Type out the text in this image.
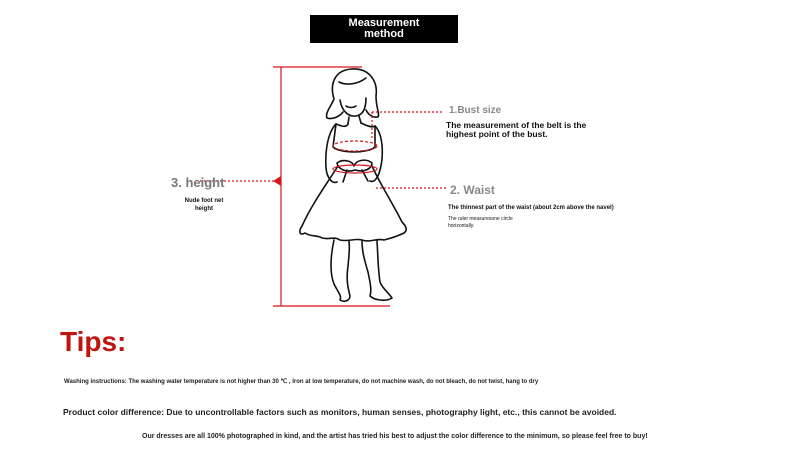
Measurement
method
1.Bust size
The measurement of the belt is the highest point of the bust.
2. Waist
The thinnest part of the waist (about 2cm above the navel)
The ruler measuresone circle horizontally.
3. height
Nude foot net height
Tips:
Washing instructions: The washing water temperature is not higher than 30 ℃ , Iron at low temperature, do not machine wash, do not bleach, do not twist, hang to dry
Product color difference: Due to uncontrollable factors such as monitors, human senses, photography light, etc., this cannot be avoided.
Our dresses are all 100% photographed in kind, and the artist has tried his best to adjust the color difference to the minimum, so please feel free to buy!
